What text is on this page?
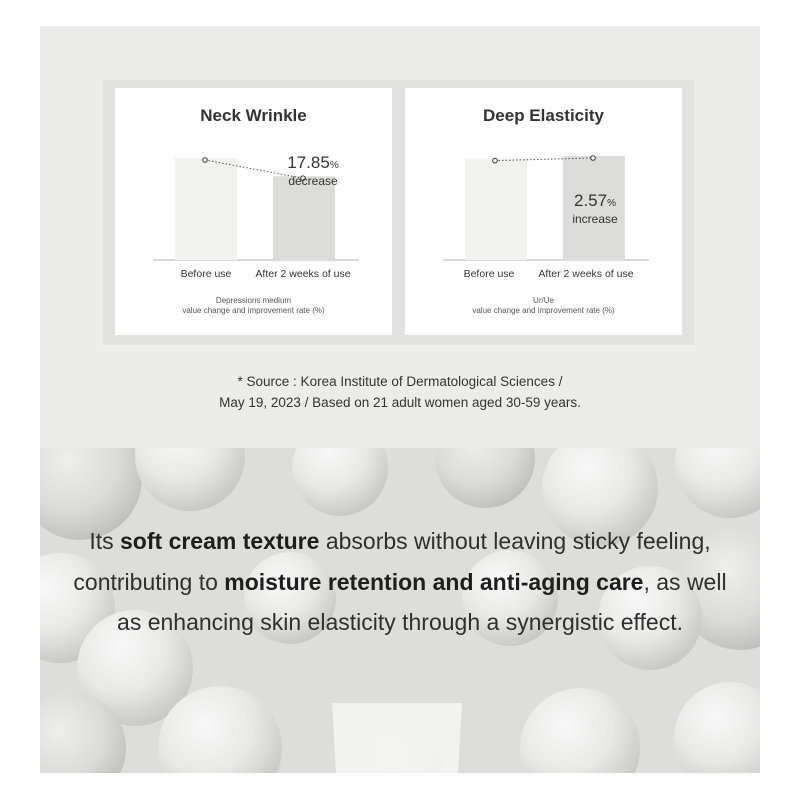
Neck Wrinkle
17.85%
decrease
Before use	After 2 weeks of use
Depressions medium
value change and improvement rate (%)
Deep Elasticity
2.57%
increase
Before use	After 2 weeks of use
Ur/Ue
value change and improvement rate (%)
* Source : Korea Institute of Dermatological Sciences /
May 19, 2023 / Based on 21 adult women aged 30-59 years.
Its soft cream texture absorbs without leaving sticky feeling, contributing to moisture retention and anti-aging care, as well as enhancing skin elasticity through a synergistic effect.
